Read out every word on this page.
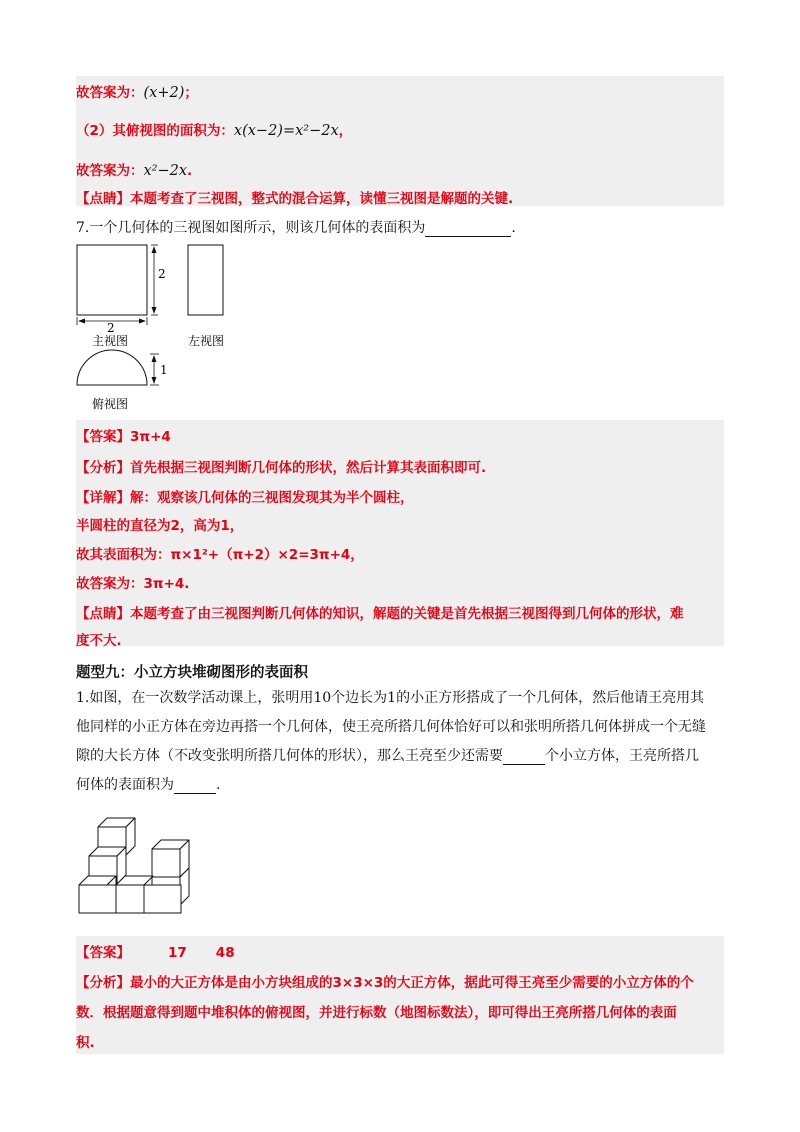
故答案为：(x+2)；
（2）其俯视图的面积为：x(x−2)=x²−2x，
故答案为：x²−2x.
【点睛】本题考查了三视图，整式的混合运算，读懂三视图是解题的关键.
7.一个几何体的三视图如图所示，则该几何体的表面积为	.
2
2
主视图	左视图
1
俯视图
【答案】3π+4
【分析】首先根据三视图判断几何体的形状，然后计算其表面积即可.
【详解】解：观察该几何体的三视图发现其为半个圆柱，
半圆柱的直径为2，高为1，
故其表面积为：π×1²+（π+2）×2=3π+4，
故答案为：3π+4.
【点睛】本题考查了由三视图判断几何体的知识，解题的关键是首先根据三视图得到几何体的形状，难
度不大.
题型九：小立方块堆砌图形的表面积
1.如图，在一次数学活动课上，张明用10个边长为1的小正方形搭成了一个几何体，然后他请王亮用其
他同样的小正方体在旁边再搭一个几何体，使王亮所搭几何体恰好可以和张明所搭几何体拼成一个无缝
隙的大长方体（不改变张明所搭几何体的形状），那么王亮至少还需要	个小立方体，王亮所搭几
何体的表面积为	.
【答案】	17 48
【分析】最小的大正方体是由小方块组成的3×3×3的大正方体，据此可得王亮至少需要的小立方体的个
数．根据题意得到题中堆积体的俯视图，并进行标数（地图标数法），即可得出王亮所搭几何体的表面
积.
